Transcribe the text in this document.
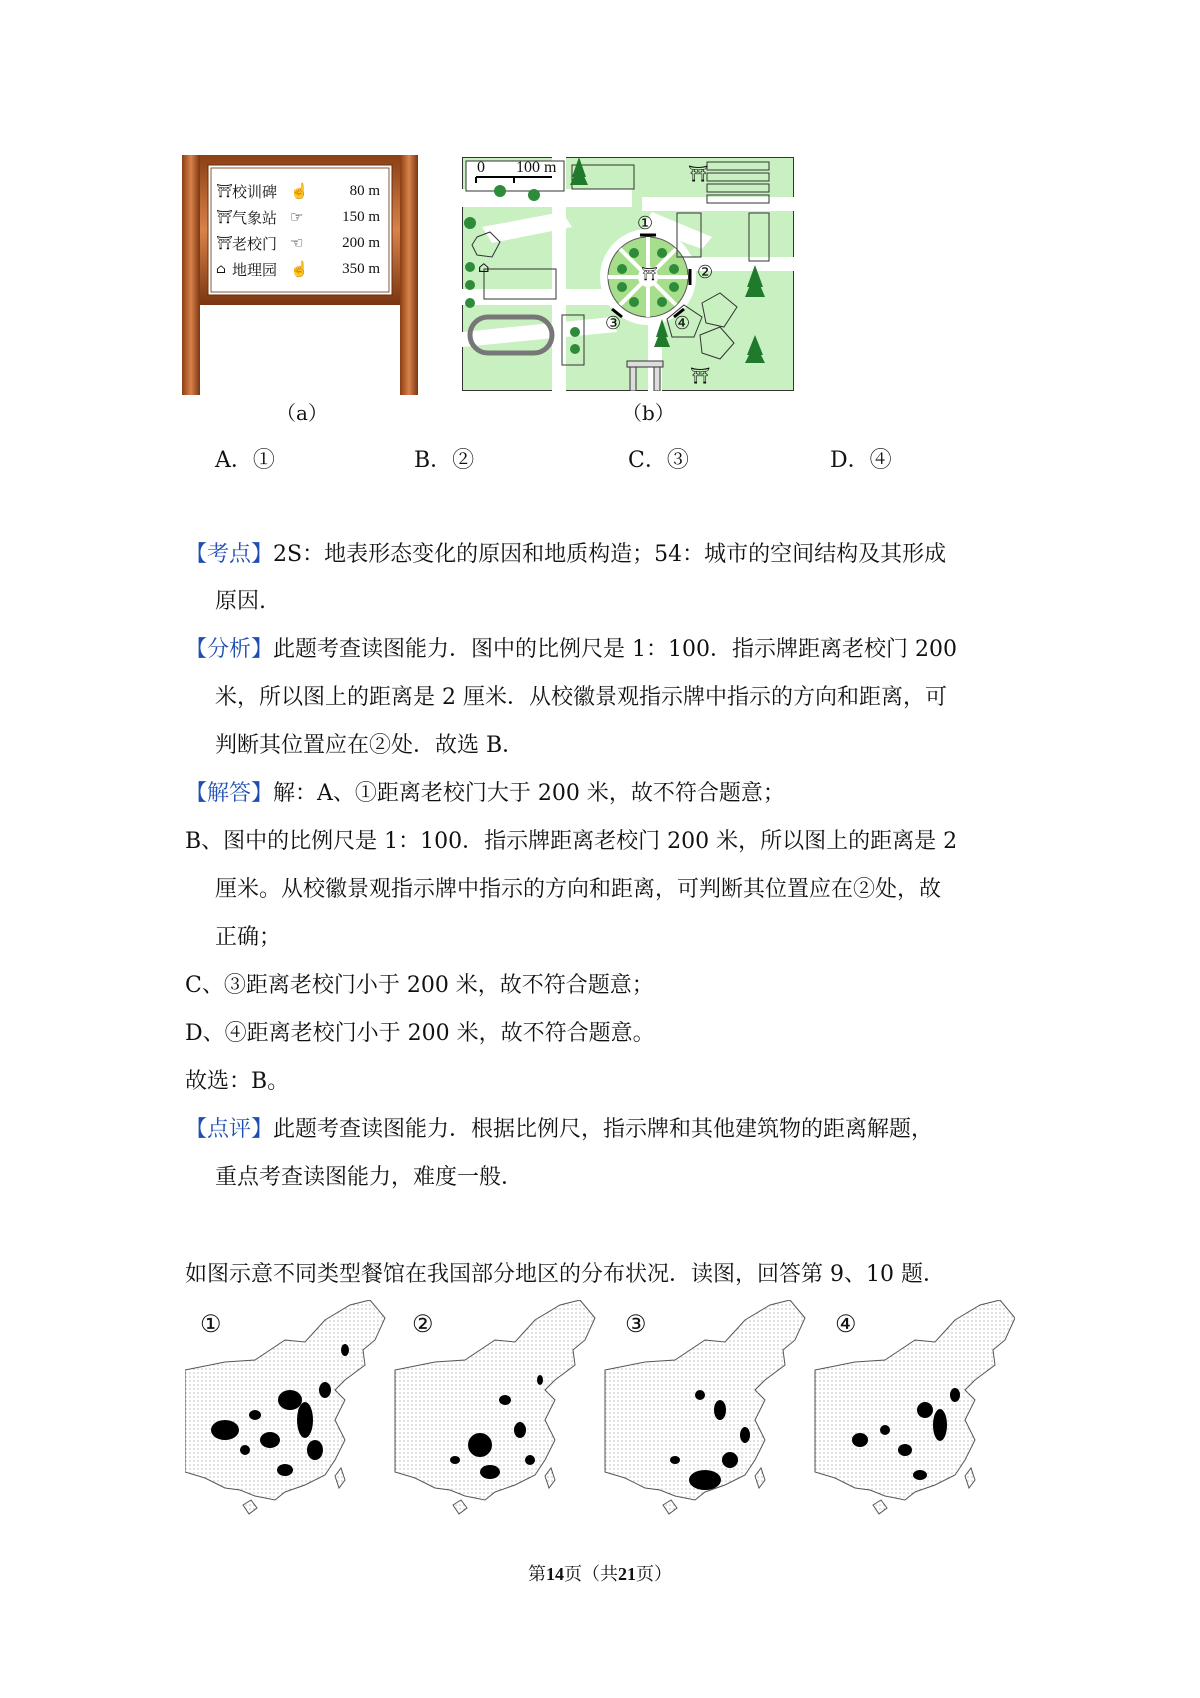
⛩ 校训碑 ☝	80 m
⛩ 气象站 ☞	150 m
⛩ 老校门 ☜	200 m
⌂ 地理园 ☝	350 m
（a）
0 100 m	⛩
⛩
⌂	⛩
①
②
③	④
（b）
A．①	B．②	C．③	D．④
【考点】2S：地表形态变化的原因和地质构造；54：城市的空间结构及其形成
原因.
【分析】此题考查读图能力．图中的比例尺是 1：100．指示牌距离老校门 200
米，所以图上的距离是 2 厘米．从校徽景观指示牌中指示的方向和距离，可
判断其位置应在②处．故选 B．
【解答】解：A、①距离老校门大于 200 米，故不符合题意；
B、图中的比例尺是 1：100．指示牌距离老校门 200 米，所以图上的距离是 2
厘米。从校徽景观指示牌中指示的方向和距离，可判断其位置应在②处，故
正确；
C、③距离老校门小于 200 米，故不符合题意；
D、④距离老校门小于 200 米，故不符合题意。
故选：B。
【点评】此题考查读图能力．根据比例尺，指示牌和其他建筑物的距离解题，
重点考查读图能力，难度一般．
如图示意不同类型餐馆在我国部分地区的分布状况．读图，回答第 9、10 题．
①	②	③	④
第14页（共21页）
